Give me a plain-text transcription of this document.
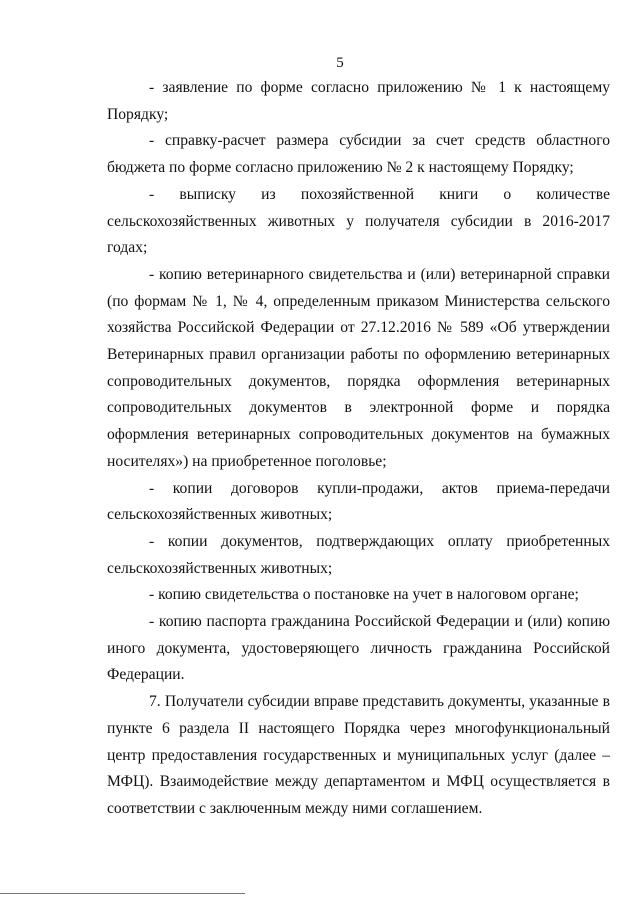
5

- заявление по форме согласно приложению № 1 к настоящему Порядку;

- справку-расчет размера субсидии за счет средств областного бюджета по форме согласно приложению № 2 к настоящему Порядку;

- выписку из похозяйственной книги о количестве сельскохозяйственных животных у получателя субсидии в 2016-2017 годах;

- копию ветеринарного свидетельства и (или) ветеринарной справки (по формам № 1, № 4, определенным приказом Министерства сельского хозяйства Российской Федерации от 27.12.2016 № 589 «Об утверждении Ветеринарных правил организации работы по оформлению ветеринарных сопроводительных документов, порядка оформления ветеринарных сопроводительных документов в электронной форме и порядка оформления ветеринарных сопроводительных документов на бумажных носителях») на приобретенное поголовье;

- копии договоров купли-продажи, актов приема-передачи сельскохозяйственных животных;

- копии документов, подтверждающих оплату приобретенных сельскохозяйственных животных;

- копию свидетельства о постановке на учет в налоговом органе;

- копию паспорта гражданина Российской Федерации и (или) копию иного документа, удостоверяющего личность гражданина Российской Федерации.

7. Получатели субсидии вправе представить документы, указанные в пункте 6 раздела II настоящего Порядка через многофункциональный центр предоставления государственных и муниципальных услуг (далее – МФЦ). Взаимодействие между департаментом и МФЦ осуществляется в соответствии с заключенным между ними соглашением.
